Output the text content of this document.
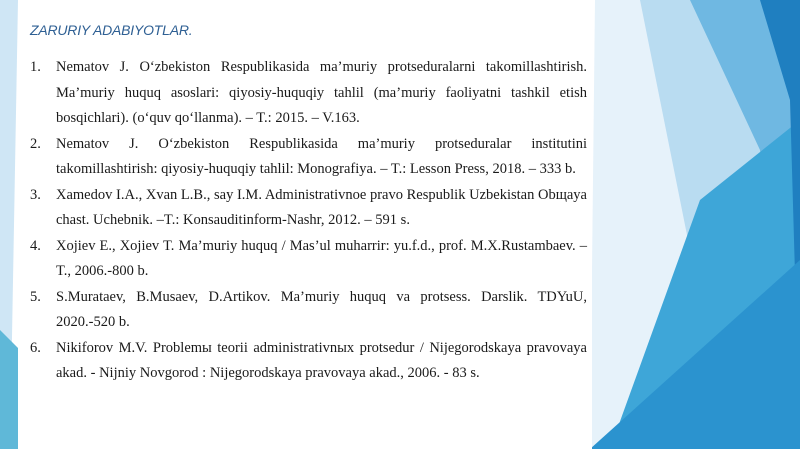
ZARURIY ADABIYOTLAR.
1.	Nematov J. O‘zbekiston Respublikasida ma’muriy protseduralarni takomillashtirish. Ma’muriy huquq asoslari: qiyosiy-huquqiy tahlil (ma’muriy faoliyatni tashkil etish bosqichlari). (o‘quv qo‘llanma). – T.: 2015. – V.163.
2.	Nematov J. O‘zbekiston Respublikasida ma’muriy protseduralar institutini takomillashtirish: qiyosiy-huquqiy tahlil: Monografiya. – T.: Lesson Press, 2018. – 333 b.
3.	Xamedov I.A., Xvan L.B., say I.M. Administrativnoe pravo Respublik Uzbekistan Obщaya chast. Uchebnik. –T.: Konsauditinform-Nashr, 2012. – 591 s.
4.	Xojiev E., Xojiev T. Ma’muriy huquq / Mas’ul muharrir: yu.f.d., prof. M.X.Rustambaev. – T., 2006.-800 b.
5.	S.Murataev, B.Musaev, D.Artikov. Ma’muriy huquq va protsess. Darslik. TDYuU, 2020.-520 b.
6.	Nikiforov M.V. Problemы teorii administrativnыx protsedur / Nijegorodskaya pravovaya akad. - Nijniy Novgorod : Nijegorodskaya pravovaya akad., 2006. - 83 s.
